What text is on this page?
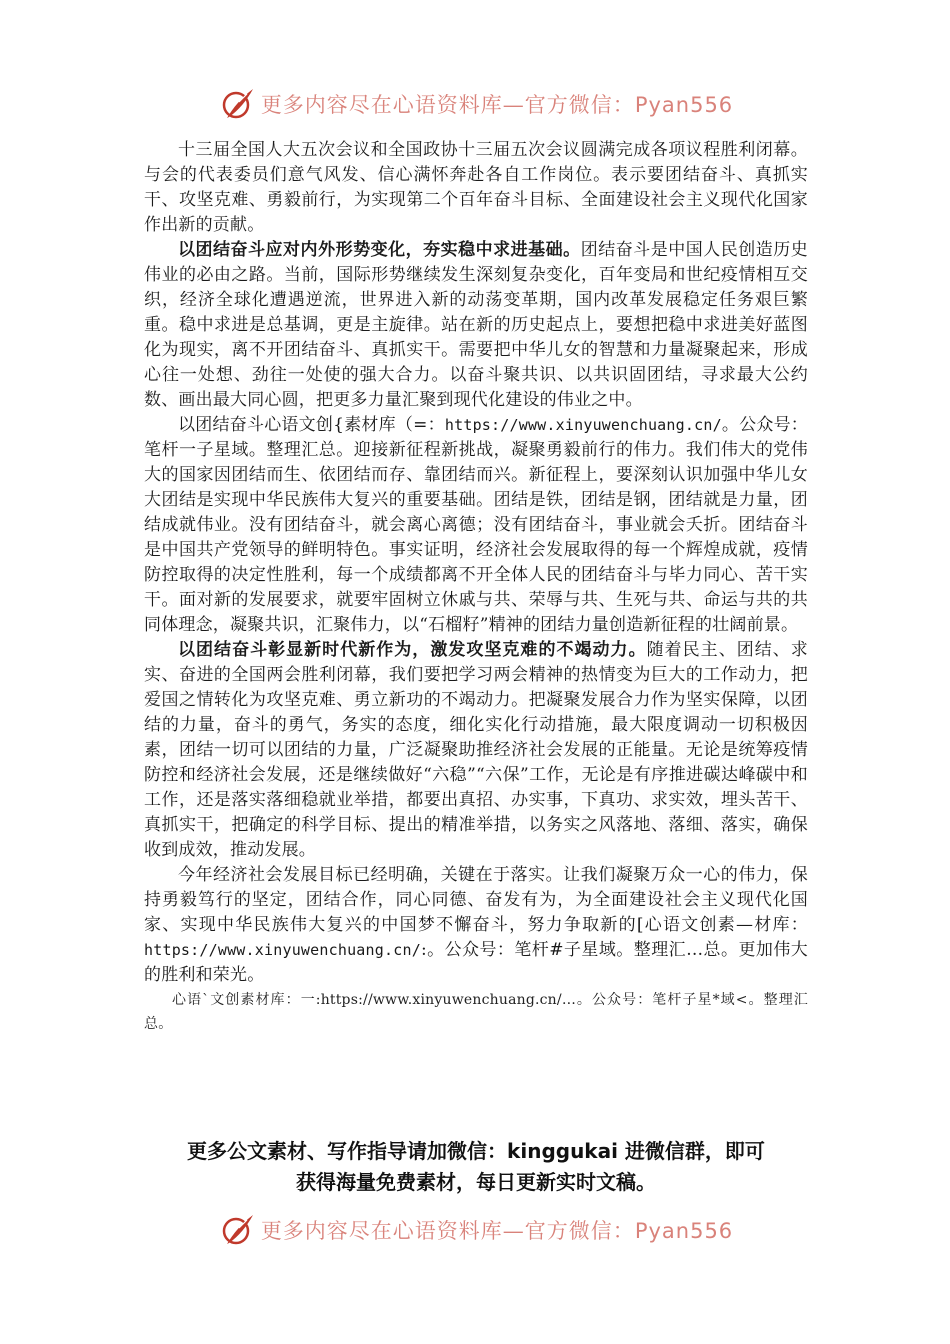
更多内容尽在心语资料库—官方微信：Pyan556

十三届全国人大五次会议和全国政协十三届五次会议圆满完成各项议程胜利闭幕。与会的代表委员们意气风发、信心满怀奔赴各自工作岗位。表示要团结奋斗、真抓实干、攻坚克难、勇毅前行，为实现第二个百年奋斗目标、全面建设社会主义现代化国家作出新的贡献。

以团结奋斗应对内外形势变化，夯实稳中求进基础。团结奋斗是中国人民创造历史伟业的必由之路。当前，国际形势继续发生深刻复杂变化，百年变局和世纪疫情相互交织，经济全球化遭遇逆流，世界进入新的动荡变革期，国内改革发展稳定任务艰巨繁重。稳中求进是总基调，更是主旋律。站在新的历史起点上，要想把稳中求进美好蓝图化为现实，离不开团结奋斗、真抓实干。需要把中华儿女的智慧和力量凝聚起来，形成心往一处想、劲往一处使的强大合力。以奋斗聚共识、以共识固团结，寻求最大公约数、画出最大同心圆，把更多力量汇聚到现代化建设的伟业之中。

以团结奋斗心语文创{素材库（=：https://www.xinyuwenchuang.cn/。公众号：笔杆一子星域。整理汇总。迎接新征程新挑战，凝聚勇毅前行的伟力。我们伟大的党伟大的国家因团结而生、依团结而存、靠团结而兴。新征程上，要深刻认识加强中华儿女大团结是实现中华民族伟大复兴的重要基础。团结是铁，团结是钢，团结就是力量，团结成就伟业。没有团结奋斗，就会离心离德；没有团结奋斗，事业就会夭折。团结奋斗是中国共产党领导的鲜明特色。事实证明，经济社会发展取得的每一个辉煌成就，疫情防控取得的决定性胜利，每一个成绩都离不开全体人民的团结奋斗与毕力同心、苦干实干。面对新的发展要求，就要牢固树立休戚与共、荣辱与共、生死与共、命运与共的共同体理念，凝聚共识，汇聚伟力，以“石榴籽”精神的团结力量创造新征程的壮阔前景。

以团结奋斗彰显新时代新作为，激发攻坚克难的不竭动力。随着民主、团结、求实、奋进的全国两会胜利闭幕，我们要把学习两会精神的热情变为巨大的工作动力，把爱国之情转化为攻坚克难、勇立新功的不竭动力。把凝聚发展合力作为坚实保障，以团结的力量，奋斗的勇气，务实的态度，细化实化行动措施，最大限度调动一切积极因素，团结一切可以团结的力量，广泛凝聚助推经济社会发展的正能量。无论是统筹疫情防控和经济社会发展，还是继续做好“六稳”“六保”工作，无论是有序推进碳达峰碳中和工作，还是落实落细稳就业举措，都要出真招、办实事，下真功、求实效，埋头苦干、真抓实干，把确定的科学目标、提出的精准举措，以务实之风落地、落细、落实，确保收到成效，推动发展。

今年经济社会发展目标已经明确，关键在于落实。让我们凝聚万众一心的伟力，保持勇毅笃行的坚定，团结合作，同心同德、奋发有为，为全面建设社会主义现代化国家、实现中华民族伟大复兴的中国梦不懈奋斗，努力争取新的[心语文创素—材库：https://www.xinyuwenchuang.cn/:。公众号：笔杆#子星域。整理汇…总。更加伟大的胜利和荣光。

心语`文创素材库：一:https://www.xinyuwenchuang.cn/…。公众号：笔杆子星*域<。整理汇总。

更多公文素材、写作指导请加微信：kinggukai 进微信群，即可
获得海量免费素材，每日更新实时文稿。
更多内容尽在心语资料库—官方微信：Pyan556
